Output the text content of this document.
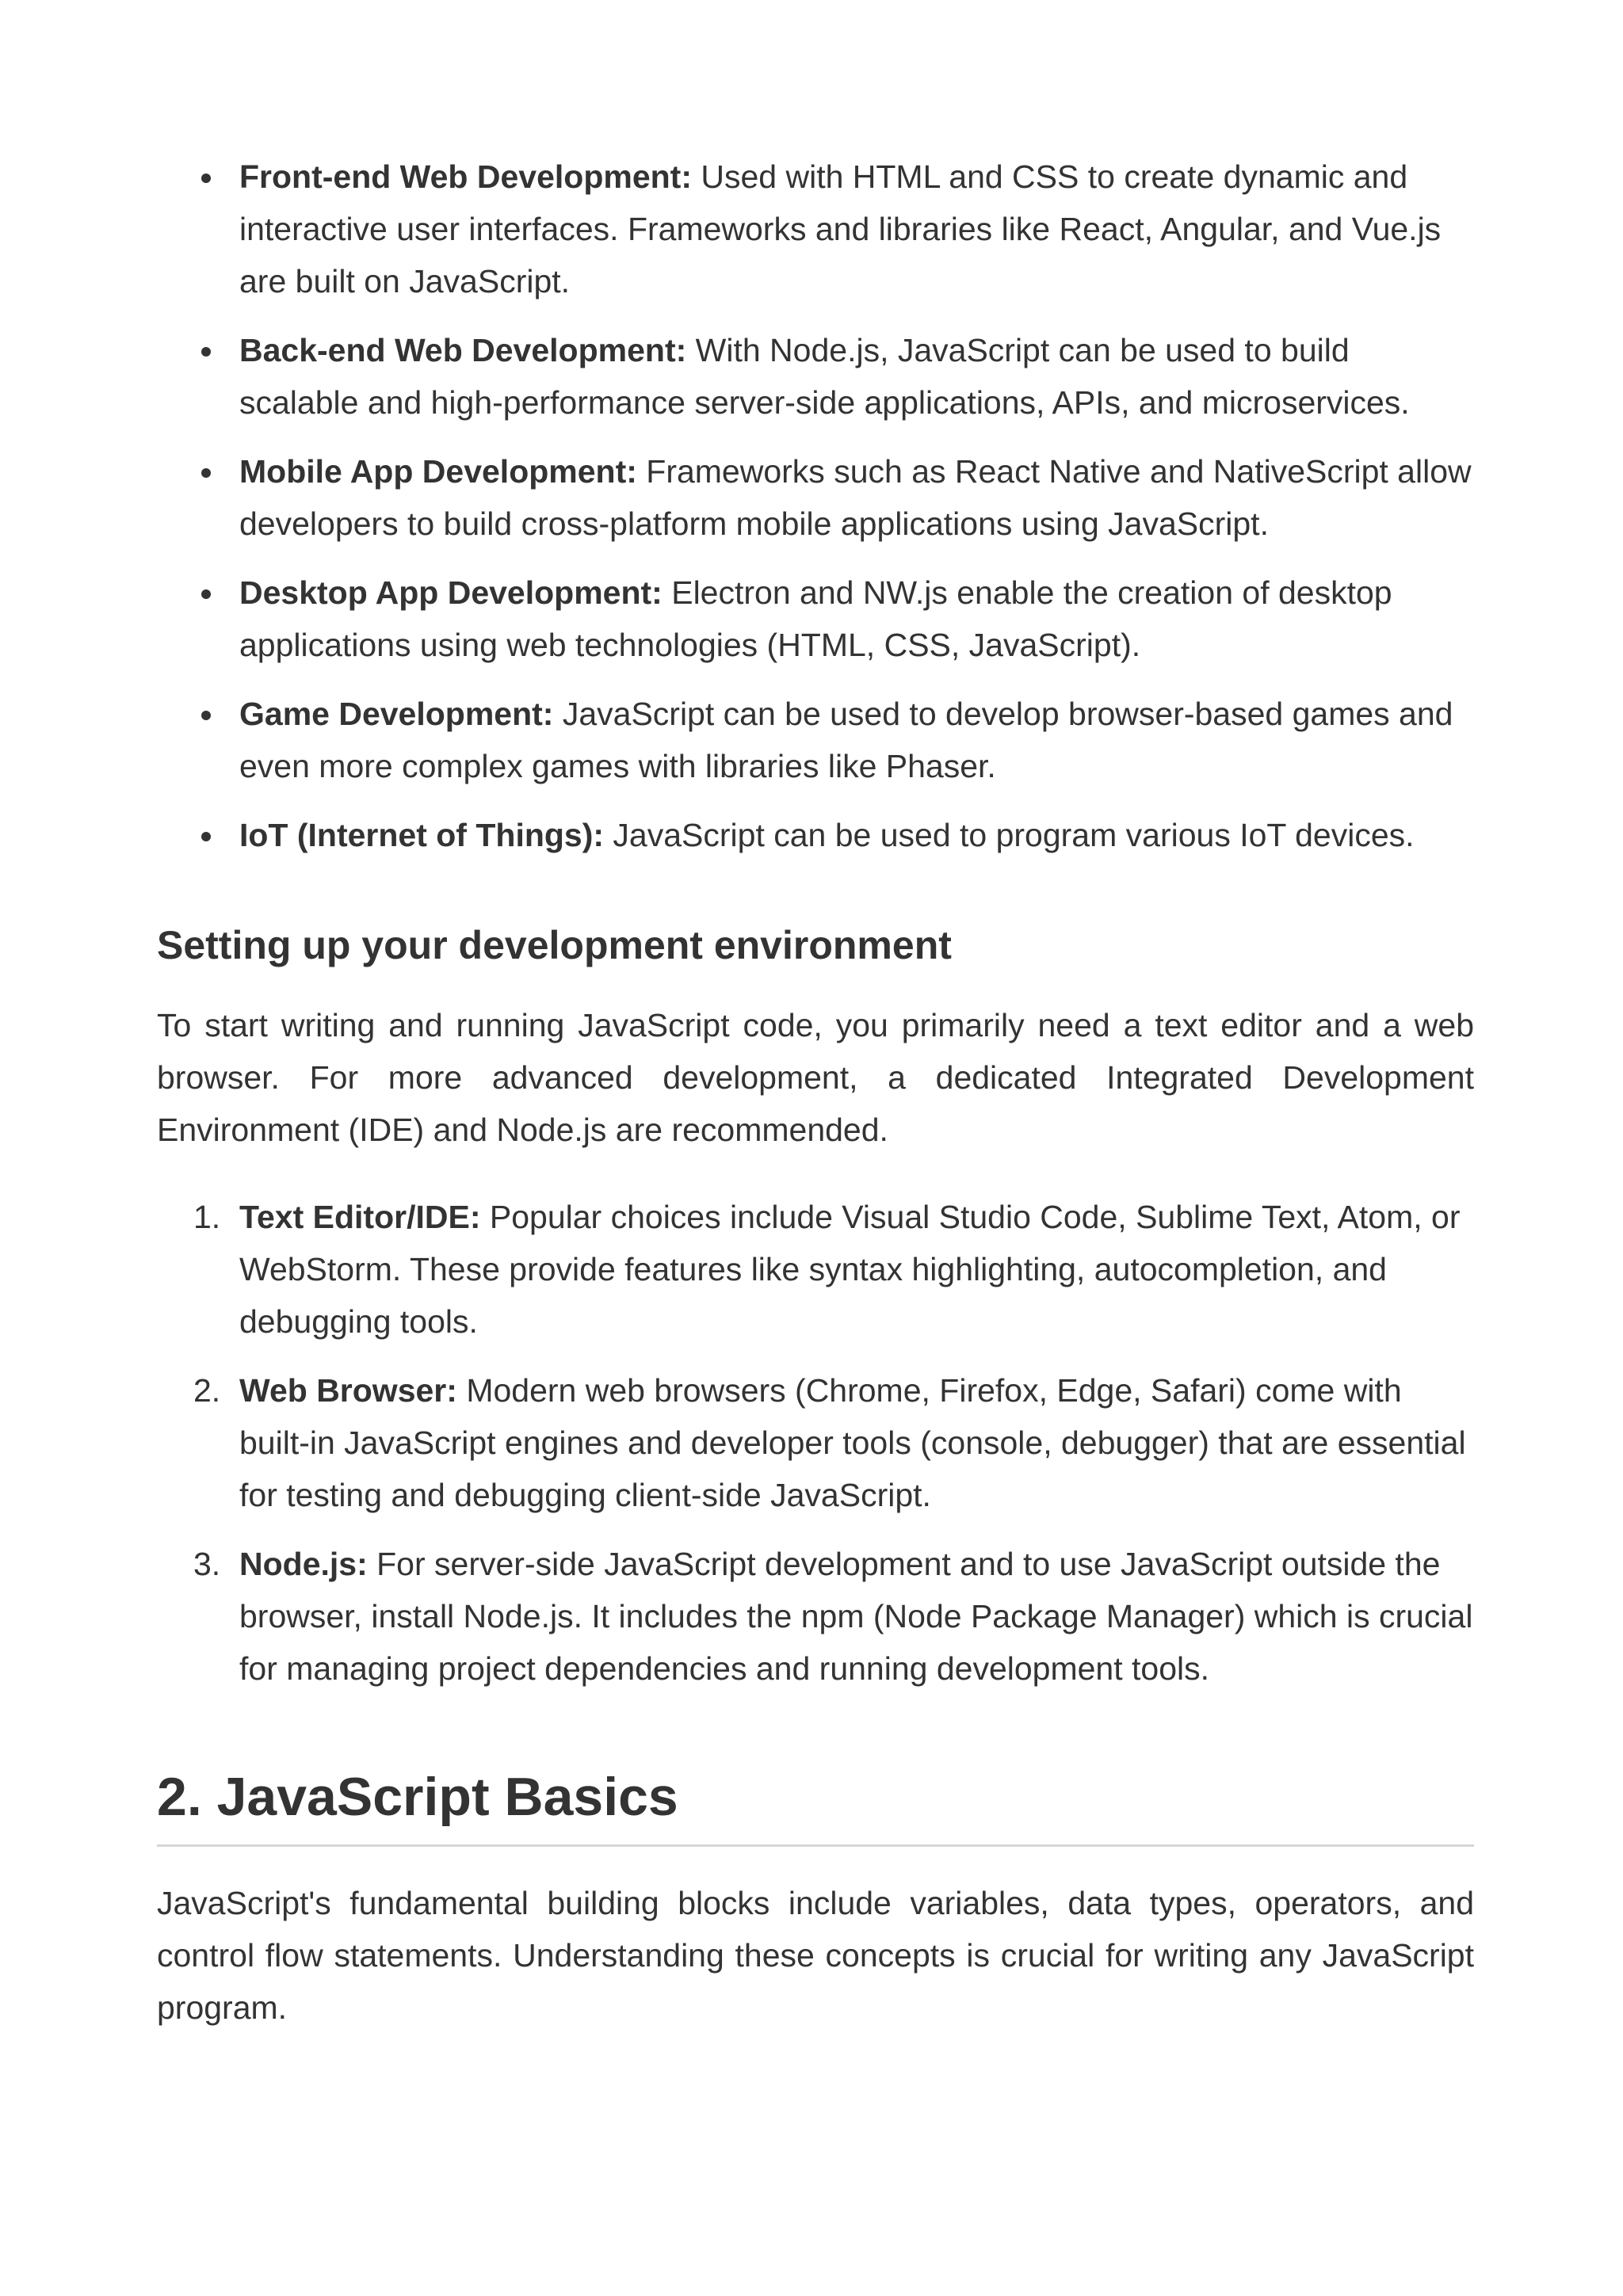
Front-end Web Development: Used with HTML and CSS to create dynamic and interactive user interfaces. Frameworks and libraries like React, Angular, and Vue.js are built on JavaScript.
Back-end Web Development: With Node.js, JavaScript can be used to build scalable and high-performance server-side applications, APIs, and microservices.
Mobile App Development: Frameworks such as React Native and NativeScript allow developers to build cross-platform mobile applications using JavaScript.
Desktop App Development: Electron and NW.js enable the creation of desktop applications using web technologies (HTML, CSS, JavaScript).
Game Development: JavaScript can be used to develop browser-based games and even more complex games with libraries like Phaser.
IoT (Internet of Things): JavaScript can be used to program various IoT devices.
Setting up your development environment

To start writing and running JavaScript code, you primarily need a text editor and a web browser. For more advanced development, a dedicated Integrated Development Environment (IDE) and Node.js are recommended.

1. Text Editor/IDE: Popular choices include Visual Studio Code, Sublime Text, Atom, or WebStorm. These provide features like syntax highlighting, autocompletion, and debugging tools.
2. Web Browser: Modern web browsers (Chrome, Firefox, Edge, Safari) come with built-in JavaScript engines and developer tools (console, debugger) that are essential for testing and debugging client-side JavaScript.
3. Node.js: For server-side JavaScript development and to use JavaScript outside the browser, install Node.js. It includes the npm (Node Package Manager) which is crucial for managing project dependencies and running development tools.
2. JavaScript Basics

JavaScript's fundamental building blocks include variables, data types, operators, and control flow statements. Understanding these concepts is crucial for writing any JavaScript program.
